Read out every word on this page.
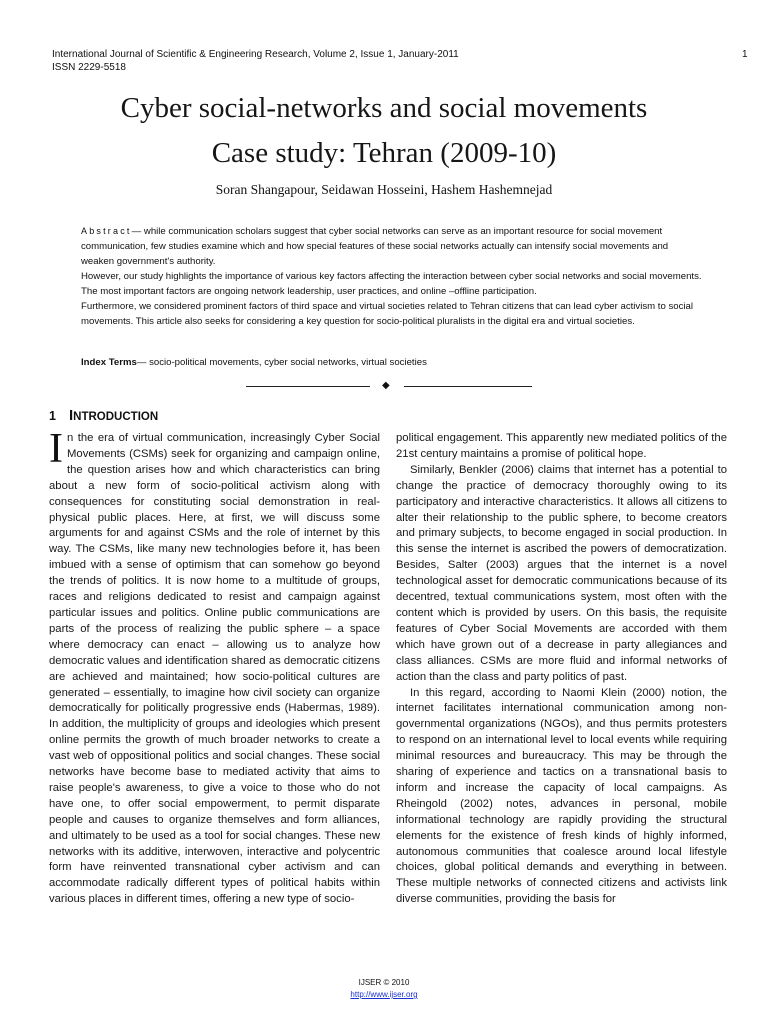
International Journal of Scientific & Engineering Research, Volume 2, Issue 1, January-2011
ISSN 2229-5518
1
Cyber social-networks and social movements
Case study: Tehran (2009-10)
Soran Shangapour, Seidawan Hosseini, Hashem Hashemnejad

Abstract— while communication scholars suggest that cyber social networks can serve as an important resource for social movement communication, few studies examine which and how special features of these social networks actually can intensify social movements and weaken government's authority.

However, our study highlights the importance of various key factors affecting the interaction between cyber social networks and social movements. The most important factors are ongoing network leadership, user practices, and online –offline participation.

Furthermore, we considered prominent factors of third space and virtual societies related to Tehran citizens that can lead cyber activism to social movements. This article also seeks for considering a key question for socio-political pluralists in the digital era and virtual societies.

Index Terms— socio-political movements, cyber social networks, virtual societies
◆
1 INTRODUCTION

In the era of virtual communication, increasingly Cyber Social Movements (CSMs) seek for organizing and campaign online, the question arises how and which characteristics can bring about a new form of socio-political activism along with consequences for constituting social demonstration in real-physical public places. Here, at first, we will discuss some arguments for and against CSMs and the role of internet by this way. The CSMs, like many new technologies before it, has been imbued with a sense of optimism that can somehow go beyond the trends of politics. It is now home to a multitude of groups, races and religions dedicated to resist and campaign against particular issues and politics. Online public communications are parts of the process of realizing the public sphere – a space where democracy can enact – allowing us to analyze how democratic values and identification shared as democratic citizens are achieved and maintained; how socio-political cultures are generated – essentially, to imagine how civil society can organize democratically for politically progressive ends (Habermas, 1989). In addition, the multiplicity of groups and ideologies which present online permits the growth of much broader networks to create a vast web of oppositional politics and social changes. These social networks have become base to mediated activity that aims to raise people's awareness, to give a voice to those who do not have one, to offer social empowerment, to permit disparate people and causes to organize themselves and form alliances, and ultimately to be used as a tool for social changes. These new networks with its additive, interwoven, interactive and polycentric form have reinvented transnational cyber activism and can accommodate radically different types of political habits within various places in different times, offering a new type of socio-

political engagement. This apparently new mediated politics of the 21st century maintains a promise of political hope.

Similarly, Benkler (2006) claims that internet has a potential to change the practice of democracy thoroughly owing to its participatory and interactive characteristics. It allows all citizens to alter their relationship to the public sphere, to become creators and primary subjects, to become engaged in social production. In this sense the internet is ascribed the powers of democratization. Besides, Salter (2003) argues that the internet is a novel technological asset for democratic communications because of its decentred, textual communications system, most often with the content which is provided by users. On this basis, the requisite features of Cyber Social Movements are accorded with them which have grown out of a decrease in party allegiances and class alliances. CSMs are more fluid and informal networks of action than the class and party politics of past.

In this regard, according to Naomi Klein (2000) notion, the internet facilitates international communication among non-governmental organizations (NGOs), and thus permits protesters to respond on an international level to local events while requiring minimal resources and bureaucracy. This may be through the sharing of experience and tactics on a transnational basis to inform and increase the capacity of local campaigns. As Rheingold (2002) notes, advances in personal, mobile informational technology are rapidly providing the structural elements for the existence of fresh kinds of highly informed, autonomous communities that coalesce around local lifestyle choices, global political demands and everything in between. These multiple networks of connected citizens and activists link diverse communities, providing the basis for

IJSER © 2010
http://www.ijser.org
